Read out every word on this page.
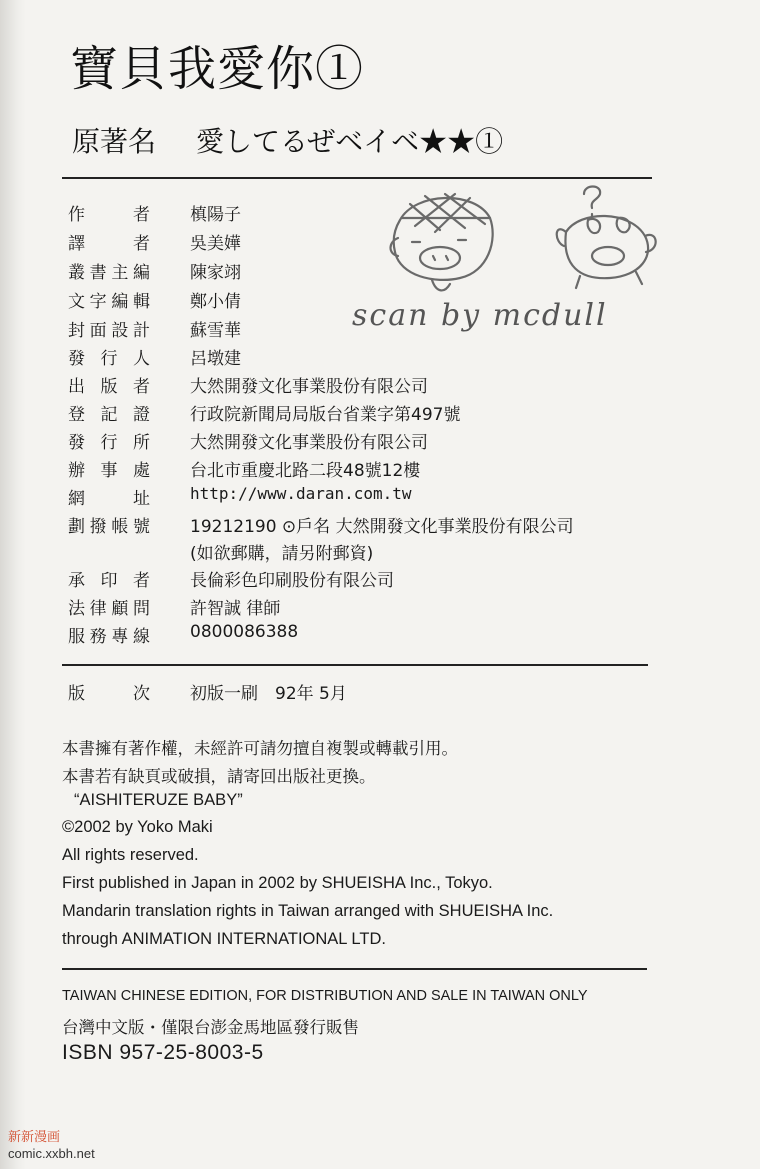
寶貝我愛你①
原著名 愛してるぜベイベ★★①
作者 槙陽子
譯者 吳美嬅
叢書主編 陳家翊
文字編輯 鄭小倩
封面設計 蘇雪華
發行人 呂墩建
出版者 大然開發文化事業股份有限公司
登記證 行政院新聞局局版台省業字第497號
發行所 大然開發文化事業股份有限公司
辦事處 台北市重慶北路二段48號12樓
網址	http://www.daran.com.tw
劃撥帳號 19212190 ⊙戶名 大然開發文化事業股份有限公司
(如欲郵購，請另附郵資)
承印者 長倫彩色印刷股份有限公司
法律顧問 許智誠 律師
服務專線 0800086388
版次 初版一刷　92年 5月
本書擁有著作權，未經許可請勿擅自複製或轉載引用。
本書若有缺頁或破損，請寄回出版社更換。
“AISHITERUZE BABY”
©2002 by Yoko Maki
All rights reserved.
First published in Japan in 2002 by SHUEISHA Inc., Tokyo.
Mandarin translation rights in Taiwan arranged with SHUEISHA Inc.
through ANIMATION INTERNATIONAL LTD.
TAIWAN CHINESE EDITION, FOR DISTRIBUTION AND SALE IN TAIWAN ONLY
台灣中文版・僅限台澎金馬地區發行販售
ISBN 957-25-8003-5
scan by mcdull
新新漫画
comic.xxbh.net
